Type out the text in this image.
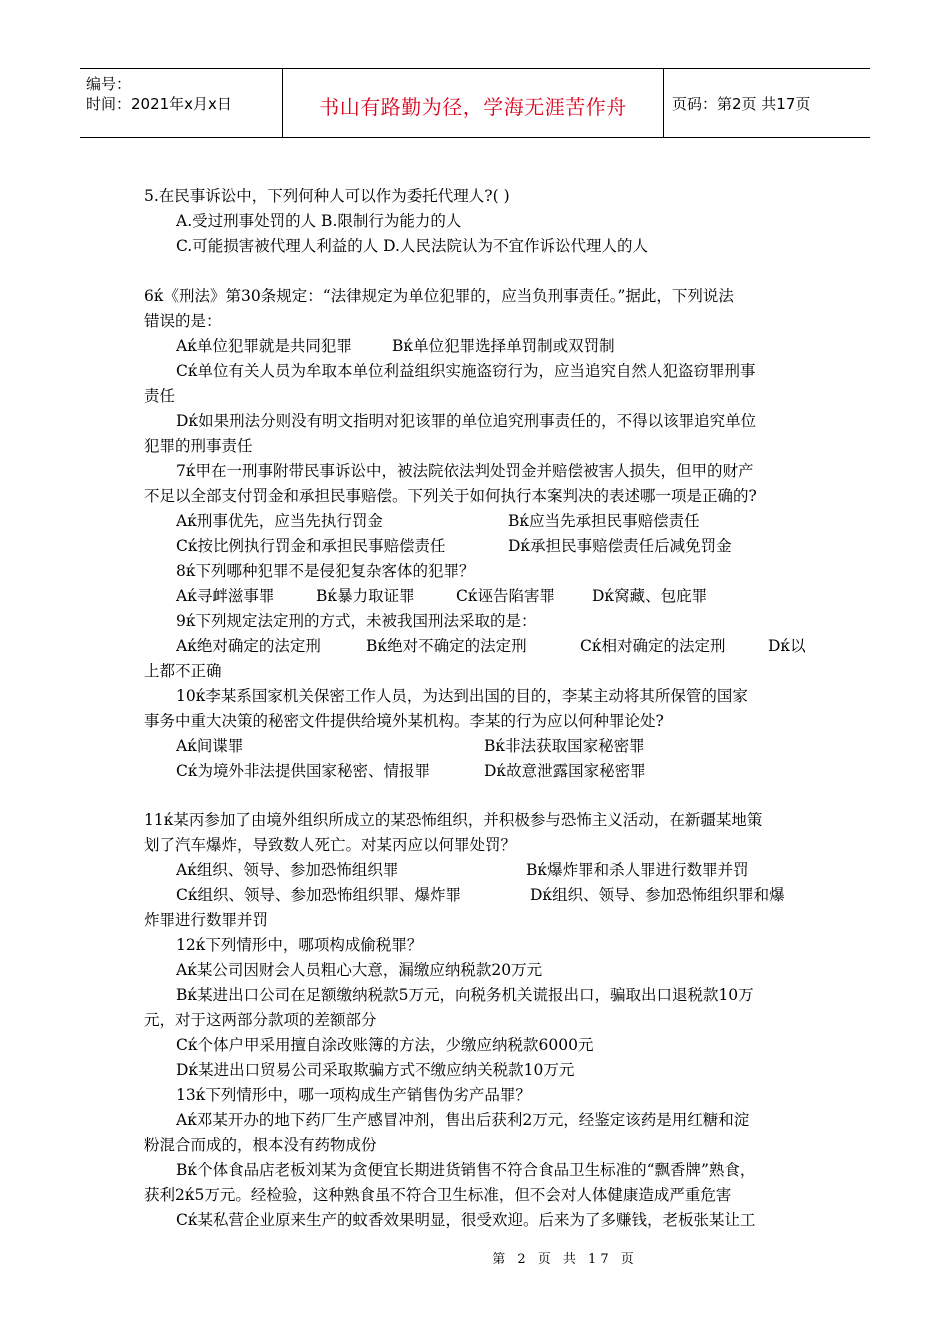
编号：
时间：2021年x月x日	书山有路勤为径，学海无涯苦作舟	页码：第2页 共17页
5.在民事诉讼中，下列何种人可以作为委托代理人?( )
A.受过刑事处罚的人 B.限制行为能力的人
C.可能损害被代理人利益的人 D.人民法院认为不宜作诉讼代理人的人
6ќ《刑法》第30条规定：“法律规定为单位犯罪的，应当负刑事责任。”据此，下列说法
错误的是：
Aќ单位犯罪就是共同犯罪	Bќ单位犯罪选择单罚制或双罚制
Cќ单位有关人员为牟取本单位利益组织实施盗窃行为，应当追究自然人犯盗窃罪刑事
责任
Dќ如果刑法分则没有明文指明对犯该罪的单位追究刑事责任的，不得以该罪追究单位
犯罪的刑事责任
7ќ甲在一刑事附带民事诉讼中，被法院依法判处罚金并赔偿被害人损失，但甲的财产
不足以全部支付罚金和承担民事赔偿。下列关于如何执行本案判决的表述哪一项是正确的?
Aќ刑事优先，应当先执行罚金	Bќ应当先承担民事赔偿责任
Cќ按比例执行罚金和承担民事赔偿责任	Dќ承担民事赔偿责任后减免罚金
8ќ下列哪种犯罪不是侵犯复杂客体的犯罪？
Aќ寻衅滋事罪	Bќ暴力取证罪	Cќ诬告陷害罪 Dќ窝藏、包庇罪
9ќ下列规定法定刑的方式，未被我国刑法采取的是：
Aќ绝对确定的法定刑	Bќ绝对不确定的法定刑	Cќ相对确定的法定刑	Dќ以
上都不正确
10ќ李某系国家机关保密工作人员，为达到出国的目的，李某主动将其所保管的国家
事务中重大决策的秘密文件提供给境外某机构。李某的行为应以何种罪论处?
Aќ间谍罪	Bќ非法获取国家秘密罪
Cќ为境外非法提供国家秘密、情报罪	Dќ故意泄露国家秘密罪
11ќ某丙参加了由境外组织所成立的某恐怖组织，并积极参与恐怖主义活动，在新疆某地策
划了汽车爆炸，导致数人死亡。对某丙应以何罪处罚？
Aќ组织、领导、参加恐怖组织罪	Bќ爆炸罪和杀人罪进行数罪并罚
Cќ组织、领导、参加恐怖组织罪、爆炸罪	Dќ组织、领导、参加恐怖组织罪和爆
炸罪进行数罪并罚
12ќ下列情形中，哪项构成偷税罪？
Aќ某公司因财会人员粗心大意，漏缴应纳税款20万元
Bќ某进出口公司在足额缴纳税款5万元，向税务机关谎报出口，骗取出口退税款10万
元，对于这两部分款项的差额部分
Cќ个体户甲采用擅自涂改账簿的方法，少缴应纳税款6000元
Dќ某进出口贸易公司采取欺骗方式不缴应纳关税款10万元
13ќ下列情形中，哪一项构成生产销售伪劣产品罪？
Aќ邓某开办的地下药厂生产感冒冲剂，售出后获利2万元，经鉴定该药是用红糖和淀
粉混合而成的，根本没有药物成份
Bќ个体食品店老板刘某为贪便宜长期进货销售不符合食品卫生标准的“飘香牌”熟食，
获利2ќ5万元。经检验，这种熟食虽不符合卫生标准，但不会对人体健康造成严重危害
Cќ某私营企业原来生产的蚊香效果明显，很受欢迎。后来为了多赚钱，老板张某让工
第 2 页 共 17 页
